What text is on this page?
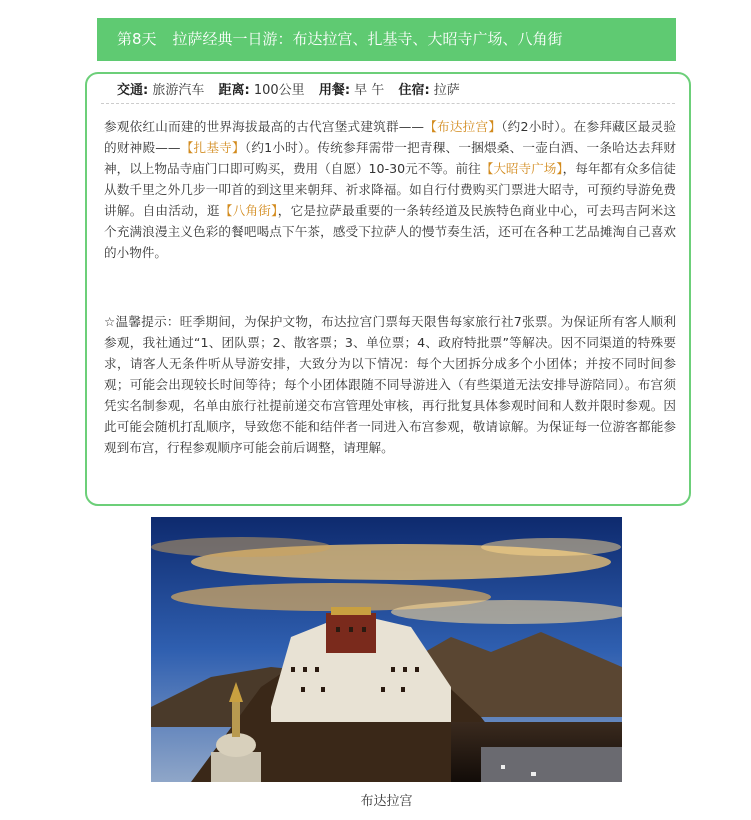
第8天 拉萨经典一日游：布达拉宫、扎基寺、大昭寺广场、八角街
交通: 旅游汽车 距离: 100公里 用餐: 早 午 住宿: 拉萨
参观依红山而建的世界海拔最高的古代宫堡式建筑群——【布达拉宫】（约2小时）。在参拜藏区最灵验的财神殿——【扎基寺】（约1小时）。传统参拜需带一把青稞、一捆煨桑、一壶白酒、一条哈达去拜财神，以上物品寺庙门口即可购买，费用（自愿）10-30元不等。前往【大昭寺广场】，每年都有众多信徒从数千里之外几步一叩首的到这里来朝拜、祈求降福。如自行付费购买门票进大昭寺，可预约导游免费讲解。自由活动，逛【八角街】，它是拉萨最重要的一条转经道及民族特色商业中心，可去玛吉阿米这个充满浪漫主义色彩的餐吧喝点下午茶，感受下拉萨人的慢节奏生活，还可在各种工艺品摊淘自己喜欢的小物件。
☆温馨提示：旺季期间，为保护文物，布达拉宫门票每天限售每家旅行社7张票。为保证所有客人顺利参观，我社通过“1、团队票；2、散客票；3、单位票；4、政府特批票”等解决。因不同渠道的特殊要求，请客人无条件听从导游安排，大致分为以下情况：每个大团拆分成多个小团体；并按不同时间参观；可能会出现较长时间等待；每个小团体跟随不同导游进入（有些渠道无法安排导游陪同）。布宫须凭实名制参观，名单由旅行社提前递交布宫管理处审核，再行批复具体参观时间和人数并限时参观。因此可能会随机打乱顺序，导致您不能和结伴者一同进入布宫参观，敬请谅解。为保证每一位游客都能参观到布宫，行程参观顺序可能会前后调整，请理解。
布达拉宫
